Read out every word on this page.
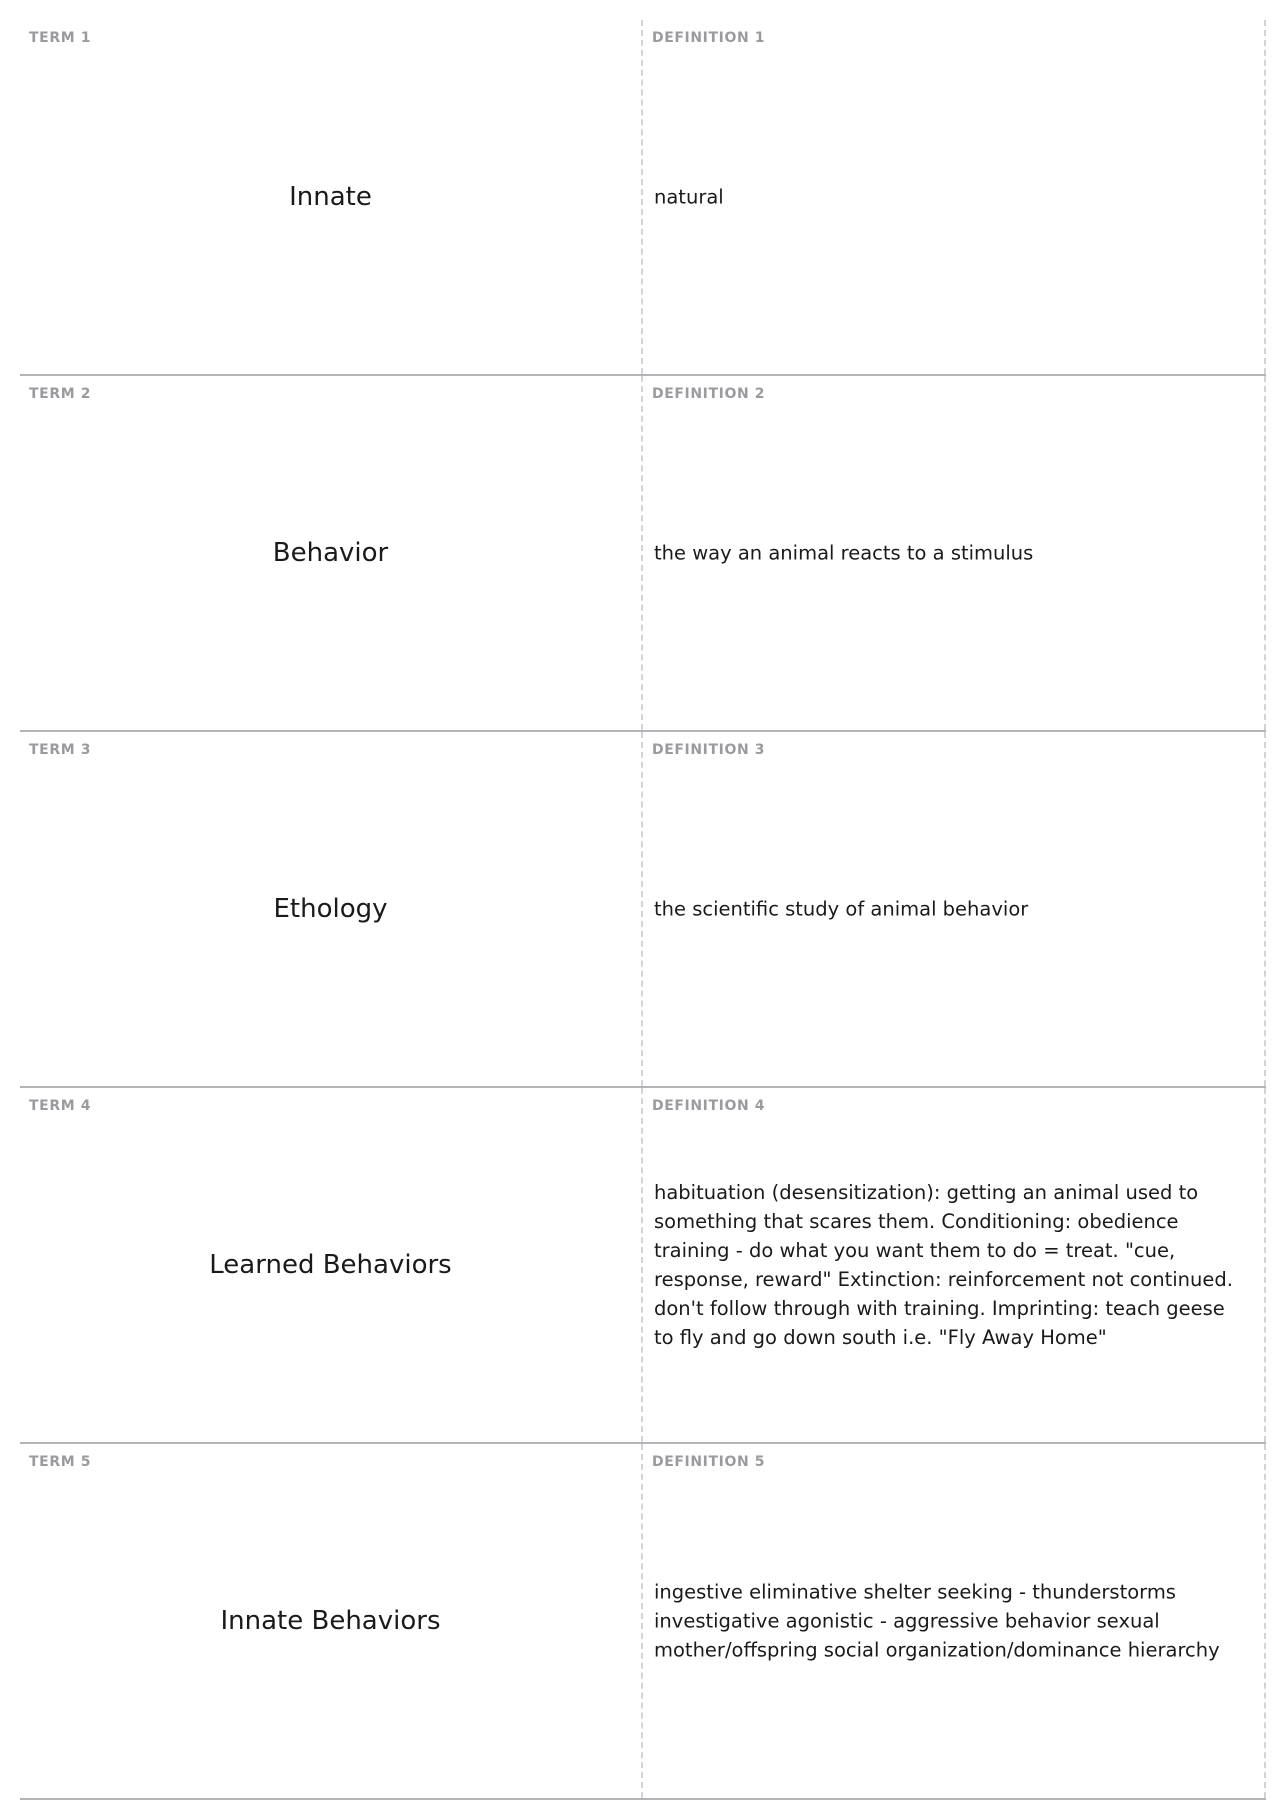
TERM 1
Innate
DEFINITION 1
natural
TERM 2
Behavior
DEFINITION 2
the way an animal reacts to a stimulus
TERM 3
Ethology
DEFINITION 3
the scientific study of animal behavior
TERM 4
Learned Behaviors
DEFINITION 4
habituation (desensitization): getting an animal used to something that scares them. Conditioning: obedience training - do what you want them to do = treat. "cue, response, reward" Extinction: reinforcement not continued. don't follow through with training. Imprinting: teach geese to fly and go down south i.e. "Fly Away Home"
TERM 5
Innate Behaviors
DEFINITION 5
ingestive eliminative shelter seeking - thunderstorms investigative agonistic - aggressive behavior sexual mother/offspring social organization/dominance hierarchy
